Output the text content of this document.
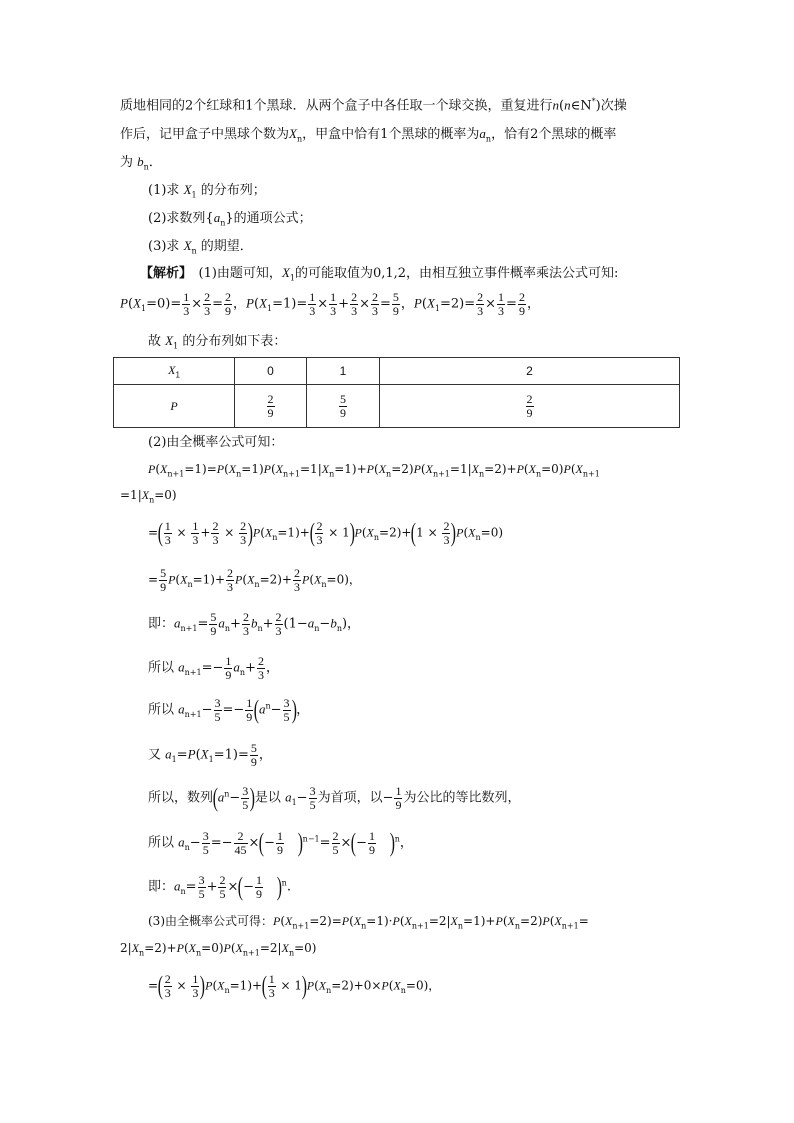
质地相同的2个红球和1个黑球．从两个盒子中各任取一个球交换，重复进行n(n∈N*)次操
作后，记甲盒子中黑球个数为$X_n$，甲盒中恰有1个黑球的概率为$a_n$，恰有2个黑球的概率
为 $b_n$．
(1)求 $X_1$ 的分布列；
(2)求数列$\{a_n\}$的通项公式；
(3)求 $X_n$ 的期望．
【解析】　(1)由题可知，$X_1$的可能取值为0,1,2，由相互独立事件概率乘法公式可知:
$P(X_1=0)= \frac{1}{3} \times \frac{2}{3} = \frac{2}{9}$ ，$P(X_1=1)= \frac{1}{3} \times \frac{1}{3} + \frac{2}{3} \times \frac{2}{3} = \frac{5}{9}$ ，$P(X_1=2)= \frac{2}{3} \times \frac{1}{3} = \frac{2}{9}$ ，
故 $X_1$ 的分布列如下表：
$X_1$	0	1	2
P	$\frac{2}{9}$	$\frac{5}{9}$	$\frac{2}{9}$
(2)由全概率公式可知：
$P(X_{n+1}=1)=P(X_n=1)P(X_{n+1}=1|X_n=1)+P(X_n=2)P(X_{n+1}=1|X_n=2)+P(X_n=0)P(X_{n+1}$
$=1|X_n=0$)
=( $\frac{1}{3} \times \frac{1}{3} + \frac{2}{3} \times \frac{2}{3} )P(X_n=1)+( \frac{2}{3} \times 1)P(X_n=2)+(1 \times \frac{2}{3} )P(X_n=0)$
= $\frac{5}{9} P(X_n=1)+ \frac{2}{3} P(X_n=2)+ \frac{2}{3} P(X_n=0)$，
即：$a_{n+1}= \frac{5}{9} a_n+ \frac{2}{3} b_n+ \frac{2}{3} (1-a_n-b_n)$，
所以 $a_{n+1}=- \frac{1}{9} a_n+ \frac{2}{3}$ ，
所以 $a_{n+1}- \frac{3}{5} =- \frac{1}{9} (a^n- \frac{3}{5}$ )，
又 $a_1=P(X_1=1)= \frac{5}{9}$ ，
所以，数列($a^n- \frac{3}{5}$ )是以 $a_1- \frac{3}{5}$ 为首项，以− $\frac{1}{9}$ 为公比的等比数列，
所以 $a_n- \frac{3}{5} =- \frac{2}{45}$ ×(− $\frac{1}{9}$
　 )$^{n-1}= \frac{2}{5}$ ×(− $\frac{1}{9}$
　 )$^n$，
即：$a_n= \frac{3}{5} + \frac{2}{5}$ ×(− $\frac{1}{9}$
　 )$^n$.
(3)由全概率公式可得：$P(X_{n+1}=2)=P(X_n=1)\cdot P(X_{n+1}=2|X_n=1)+P(X_n=2)P(X_{n+1}=$
$2|X_n=2)+P(X_n=0)P(X_{n+1}=2|X_n=0)$
=( $\frac{2}{3} \times \frac{1}{3} )P(X_n=1)+( \frac{1}{3} \times 1)P(X_n=2)+0\times P(X_n=0)$，
